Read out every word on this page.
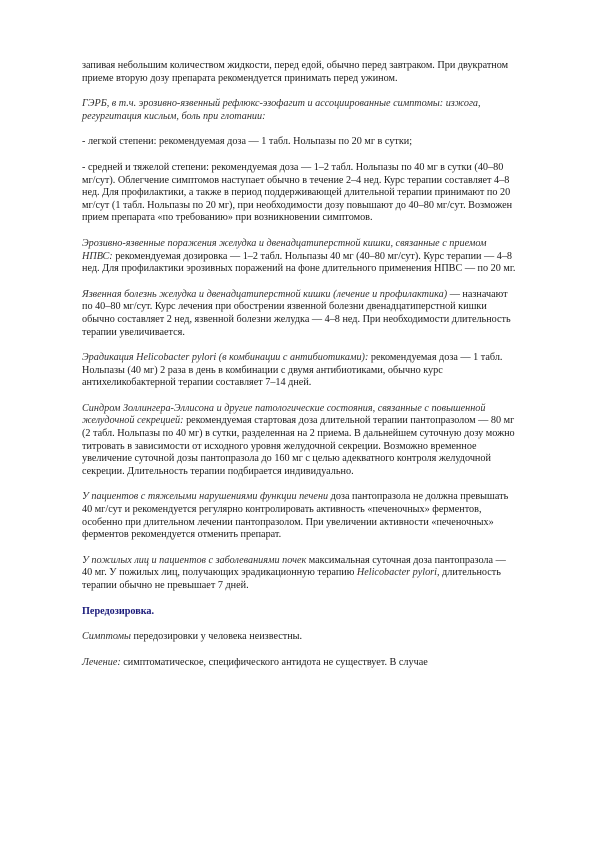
запивая небольшим количеством жидкости, перед едой, обычно перед завтраком. При двукратном приеме вторую дозу препарата рекомендуется принимать перед ужином.

ГЭРБ, в т.ч. эрозивно-язвенный рефлюкс-эзофагит и ассоциированные симптомы: изжога, регургитация кислым, боль при глотании:

- легкой степени: рекомендуемая доза — 1 табл. Нольпазы по 20 мг в сутки;

- средней и тяжелой степени: рекомендуемая доза — 1–2 табл. Нольпазы по 40 мг в сутки (40–80 мг/сут). Облегчение симптомов наступает обычно в течение 2–4 нед. Курс терапии составляет 4–8 нед. Для профилактики, а также в период поддерживающей длительной терапии принимают по 20 мг/сут (1 табл. Нольпазы по 20 мг), при необходимости дозу повышают до 40–80 мг/сут. Возможен прием препарата «по требованию» при возникновении симптомов.

Эрозивно-язвенные поражения желудка и двенадцатиперстной кишки, связанные с приемом НПВС: рекомендуемая дозировка — 1–2 табл. Нольпазы 40 мг (40–80 мг/сут). Курс терапии — 4–8 нед. Для профилактики эрозивных поражений на фоне длительного применения НПВС — по 20 мг.

Язвенная болезнь желудка и двенадцатиперстной кишки (лечение и профилактика) — назначают по 40–80 мг/сут. Курс лечения при обострении язвенной болезни двенадцатиперстной кишки обычно составляет 2 нед, язвенной болезни желудка — 4–8 нед. При необходимости длительность терапии увеличивается.

Эрадикация Helicobacter pylori (в комбинации с антибиотиками): рекомендуемая доза — 1 табл. Нольпазы (40 мг) 2 раза в день в комбинации с двумя антибиотиками, обычно курс антихеликобактерной терапии составляет 7–14 дней.

Синдром Золлингера-Эллисона и другие патологические состояния, связанные с повышенной желудочной секрецией: рекомендуемая стартовая доза длительной терапии пантопразолом — 80 мг (2 табл. Нольпазы по 40 мг) в сутки, разделенная на 2 приема. В дальнейшем суточную дозу можно титровать в зависимости от исходного уровня желудочной секреции. Возможно временное увеличение суточной дозы пантопразола до 160 мг с целью адекватного контроля желудочной секреции. Длительность терапии подбирается индивидуально.

У пациентов с тяжелыми нарушениями функции печени доза пантопразола не должна превышать 40 мг/сут и рекомендуется регулярно контролировать активность «печеночных» ферментов, особенно при длительном лечении пантопразолом. При увеличении активности «печеночных» ферментов рекомендуется отменить препарат.

У пожилых лиц и пациентов с заболеваниями почек максимальная суточная доза пантопразола — 40 мг. У пожилых лиц, получающих эрадикационную терапию Helicobacter pylori, длительность терапии обычно не превышает 7 дней.

Передозировка.

Симптомы передозировки у человека неизвестны.

Лечение: симптоматическое, специфического антидота не существует. В случае
